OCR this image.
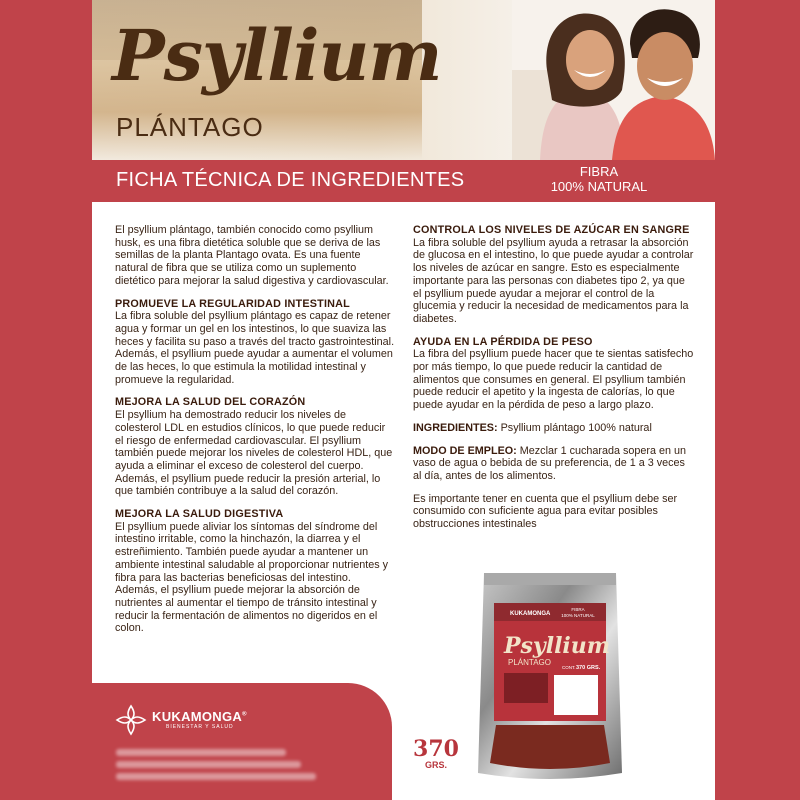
Psyllium
PLÁNTAGO
FICHA TÉCNICA DE INGREDIENTES	FIBRA
100% NATURAL

El psyllium plántago, también conocido como psyllium husk, es una fibra dietética soluble que se deriva de las semillas de la planta Plantago ovata. Es una fuente natural de fibra que se utiliza como un suplemento dietético para mejorar la salud digestiva y cardiovascular.

PROMUEVE LA REGULARIDAD INTESTINAL
La fibra soluble del psyllium plántago es capaz de retener agua y formar un gel en los intestinos, lo que suaviza las heces y facilita su paso a través del tracto gastrointestinal. Además, el psyllium puede ayudar a aumentar el volumen de las heces, lo que estimula la motilidad intestinal y promueve la regularidad.
MEJORA LA SALUD DEL CORAZÓN
El psyllium ha demostrado reducir los niveles de colesterol LDL en estudios clínicos, lo que puede reducir el riesgo de enfermedad cardiovascular. El psyllium también puede mejorar los niveles de colesterol HDL, que ayuda a eliminar el exceso de colesterol del cuerpo. Además, el psyllium puede reducir la presión arterial, lo que también contribuye a la salud del corazón.
MEJORA LA SALUD DIGESTIVA
El psyllium puede aliviar los síntomas del síndrome del intestino irritable, como la hinchazón, la diarrea y el estreñimiento. También puede ayudar a mantener un ambiente intestinal saludable al proporcionar nutrientes y fibra para las bacterias beneficiosas del intestino. Además, el psyllium puede mejorar la absorción de nutrientes al aumentar el tiempo de tránsito intestinal y reducir la fermentación de alimentos no digeridos en el colon.
CONTROLA LOS NIVELES DE AZÚCAR EN SANGRE
La fibra soluble del psyllium ayuda a retrasar la absorción de glucosa en el intestino, lo que puede ayudar a controlar los niveles de azúcar en sangre. Esto es especialmente importante para las personas con diabetes tipo 2, ya que el psyllium puede ayudar a mejorar el control de la glucemia y reducir la necesidad de medicamentos para la diabetes.
AYUDA EN LA PÉRDIDA DE PESO
La fibra del psyllium puede hacer que te sientas satisfecho por más tiempo, lo que puede reducir la cantidad de alimentos que consumes en general. El psyllium también puede reducir el apetito y la ingesta de calorías, lo que puede ayudar en la pérdida de peso a largo plazo.

INGREDIENTES: Psyllium plántago 100% natural

MODO DE EMPLEO: Mezclar 1 cucharada sopera en un vaso de agua o bebida de su preferencia, de 1 a 3 veces al día, antes de los alimentos.

Es importante tener en cuenta que el psyllium debe ser consumido con suficiente agua para evitar posibles obstrucciones intestinales

KUKAMONGA®
BIENESTAR Y SALUD
370
GRS.
KUKAMONGA
FIBRA
100% NATURAL
Psyllium
PLÁNTAGO
CONT. 370 GRS.
